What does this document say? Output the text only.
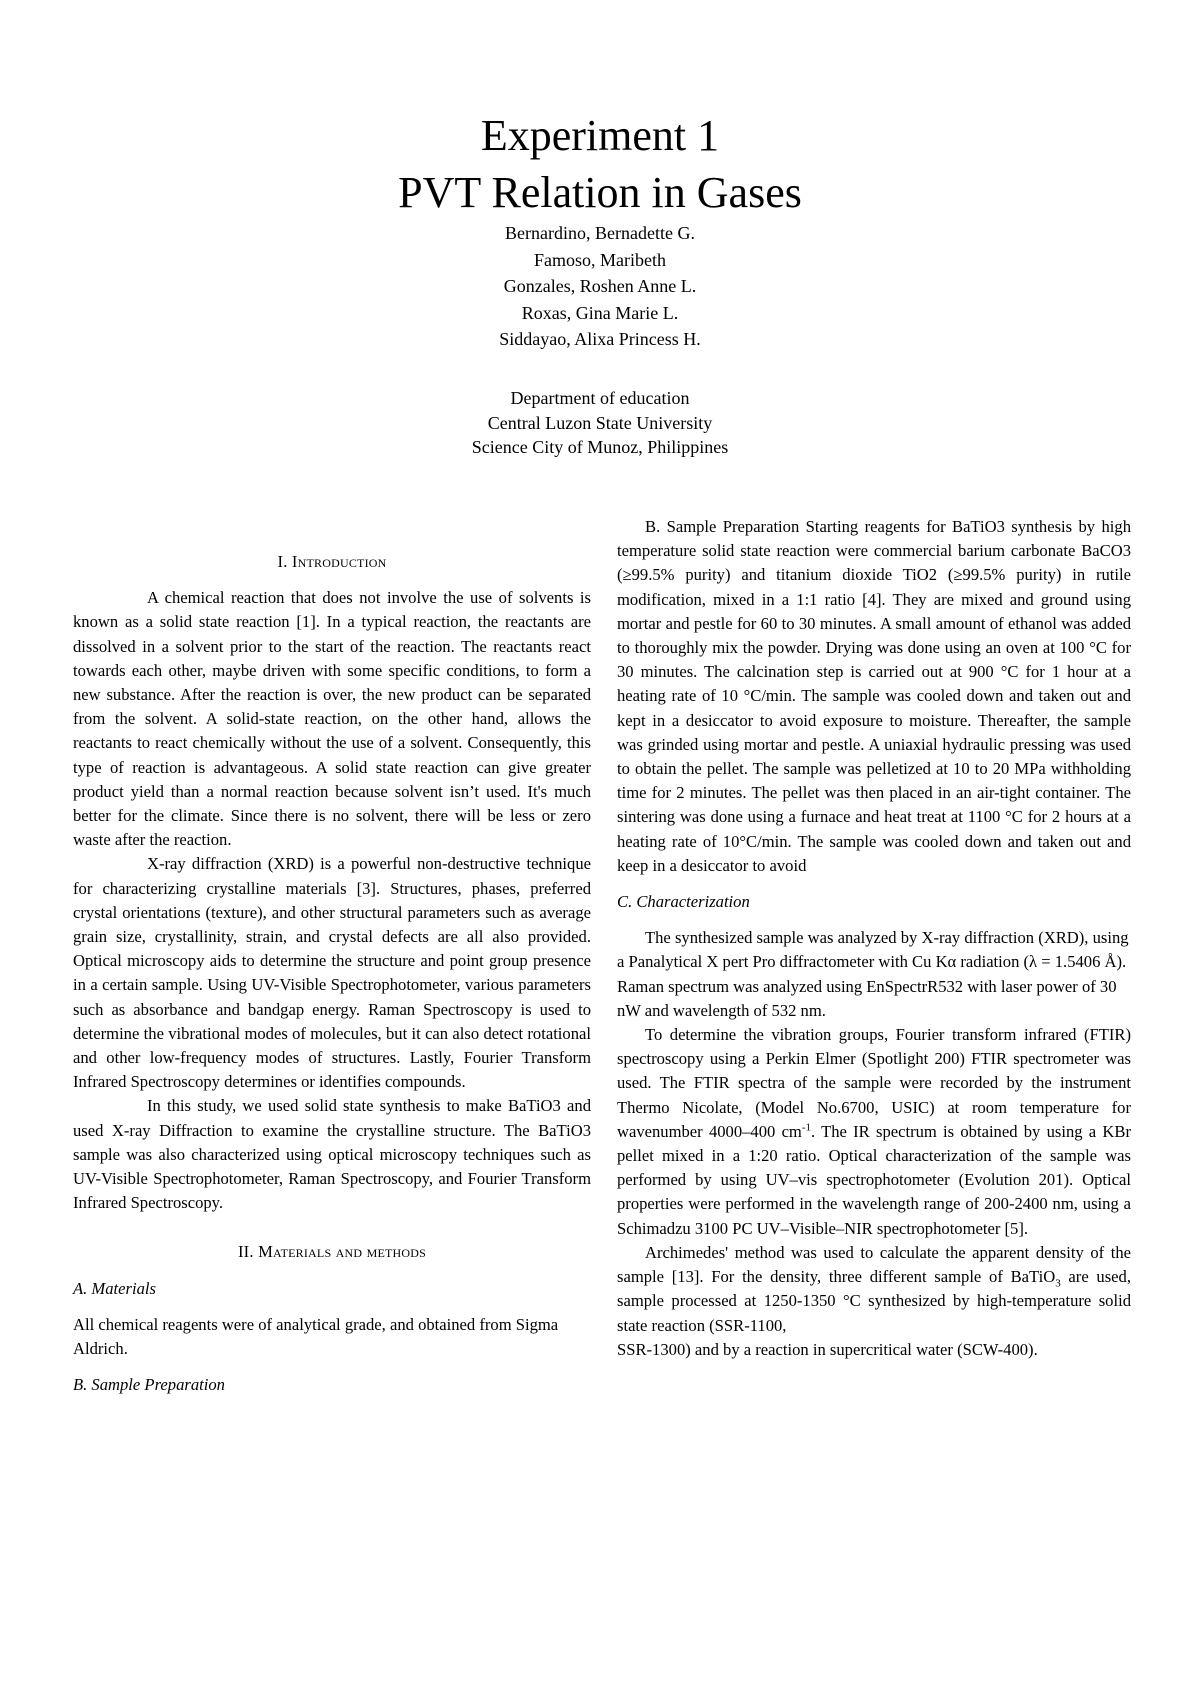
Experiment 1
PVT Relation in Gases
Bernardino, Bernadette G.
Famoso, Maribeth
Gonzales, Roshen Anne L.
Roxas, Gina Marie L.
Siddayao, Alixa Princess H.
Department of education
Central Luzon State University
Science City of Munoz, Philippines
I. Introduction

A chemical reaction that does not involve the use of solvents is known as a solid state reaction [1]. In a typical reaction, the reactants are dissolved in a solvent prior to the start of the reaction. The reactants react towards each other, maybe driven with some specific conditions, to form a new substance. After the reaction is over, the new product can be separated from the solvent. A solid-state reaction, on the other hand, allows the reactants to react chemically without the use of a solvent. Consequently, this type of reaction is advantageous. A solid state reaction can give greater product yield than a normal reaction because solvent isn’t used. It's much better for the climate. Since there is no solvent, there will be less or zero waste after the reaction.

X-ray diffraction (XRD) is a powerful non-destructive technique for characterizing crystalline materials [3]. Structures, phases, preferred crystal orientations (texture), and other structural parameters such as average grain size, crystallinity, strain, and crystal defects are all also provided. Optical microscopy aids to determine the structure and point group presence in a certain sample. Using UV-Visible Spectrophotometer, various parameters such as absorbance and bandgap energy. Raman Spectroscopy is used to determine the vibrational modes of molecules, but it can also detect rotational and other low-frequency modes of structures. Lastly, Fourier Transform Infrared Spectroscopy determines or identifies compounds.

In this study, we used solid state synthesis to make BaTiO3 and used X-ray Diffraction to examine the crystalline structure. The BaTiO3 sample was also characterized using optical microscopy techniques such as UV-Visible Spectrophotometer, Raman Spectroscopy, and Fourier Transform Infrared Spectroscopy.

II. Materials and methods
A. Materials

All chemical reagents were of analytical grade, and obtained from Sigma Aldrich.

B. Sample Preparation

B. Sample Preparation Starting reagents for BaTiO3 synthesis by high temperature solid state reaction were commercial barium carbonate BaCO3 (≥99.5% purity) and titanium dioxide TiO2 (≥99.5% purity) in rutile modification, mixed in a 1:1 ratio [4]. They are mixed and ground using mortar and pestle for 60 to 30 minutes. A small amount of ethanol was added to thoroughly mix the powder. Drying was done using an oven at 100 °C for 30 minutes. The calcination step is carried out at 900 °C for 1 hour at a heating rate of 10 °C/min. The sample was cooled down and taken out and kept in a desiccator to avoid exposure to moisture. Thereafter, the sample was grinded using mortar and pestle. A uniaxial hydraulic pressing was used to obtain the pellet. The sample was pelletized at 10 to 20 MPa withholding time for 2 minutes. The pellet was then placed in an air-tight container. The sintering was done using a furnace and heat treat at 1100 °C for 2 hours at a heating rate of 10°C/min. The sample was cooled down and taken out and keep in a desiccator to avoid

C. Characterization

The synthesized sample was analyzed by X-ray diffraction (XRD), using a Panalytical X pert Pro diffractometer with Cu Kα radiation (λ = 1.5406 Å). Raman spectrum was analyzed using EnSpectrR532 with laser power of 30 nW and wavelength of 532 nm.

To determine the vibration groups, Fourier transform infrared (FTIR) spectroscopy using a Perkin Elmer (Spotlight 200) FTIR spectrometer was used. The FTIR spectra of the sample were recorded by the instrument Thermo Nicolate, (Model No.6700, USIC) at room temperature for wavenumber 4000–400 $cm^{-1}$. The IR spectrum is obtained by using a KBr pellet mixed in a 1:20 ratio. Optical characterization of the sample was performed by using UV–vis spectrophotometer (Evolution 201). Optical properties were performed in the wavelength range of 200-2400 nm, using a Schimadzu 3100 PC UV–Visible–NIR spectrophotometer [5].

Archimedes' method was used to calculate the apparent density of the sample [13]. For the density, three different sample of BaTiO$_3$ are used, sample processed at 1250-1350 °C synthesized by high-temperature solid state reaction (SSR-1100,

SSR-1300) and by a reaction in supercritical water (SCW-400).
